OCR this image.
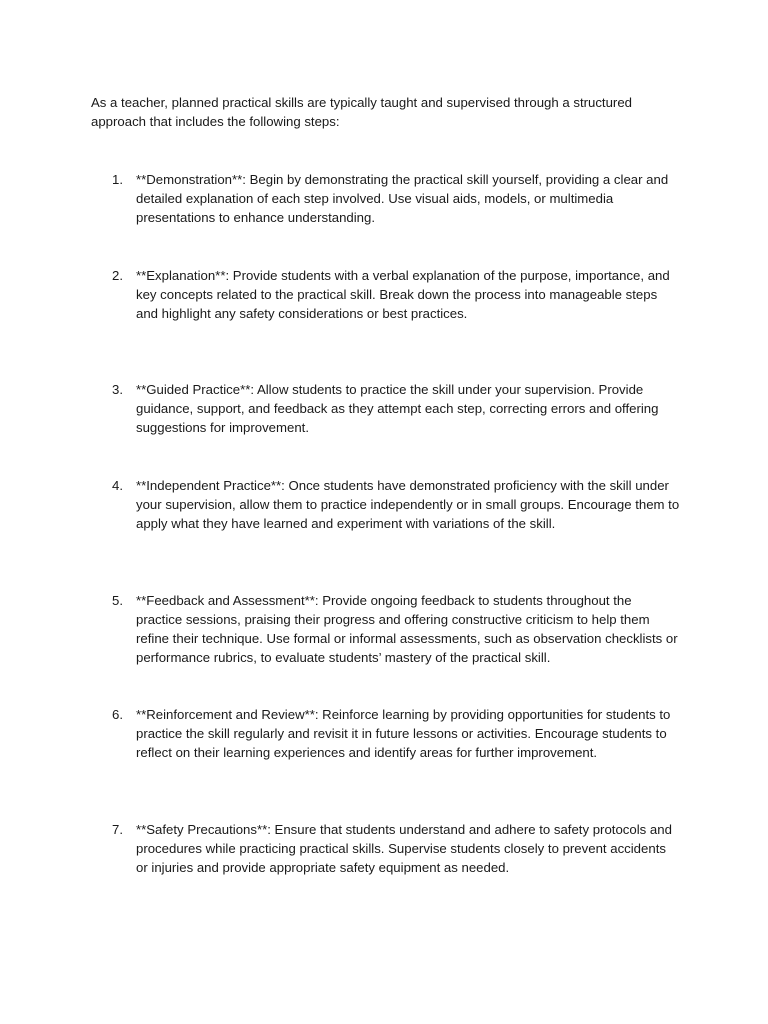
As a teacher, planned practical skills are typically taught and supervised through a structured approach that includes the following steps:

1. **Demonstration**: Begin by demonstrating the practical skill yourself, providing a clear and detailed explanation of each step involved. Use visual aids, models, or multimedia presentations to enhance understanding.

2. **Explanation**: Provide students with a verbal explanation of the purpose, importance, and key concepts related to the practical skill. Break down the process into manageable steps and highlight any safety considerations or best practices.

3. **Guided Practice**: Allow students to practice the skill under your supervision. Provide guidance, support, and feedback as they attempt each step, correcting errors and offering suggestions for improvement.

4. **Independent Practice**: Once students have demonstrated proficiency with the skill under your supervision, allow them to practice independently or in small groups. Encourage them to apply what they have learned and experiment with variations of the skill.

5. **Feedback and Assessment**: Provide ongoing feedback to students throughout the practice sessions, praising their progress and offering constructive criticism to help them refine their technique. Use formal or informal assessments, such as observation checklists or performance rubrics, to evaluate students’ mastery of the practical skill.

6. **Reinforcement and Review**: Reinforce learning by providing opportunities for students to practice the skill regularly and revisit it in future lessons or activities. Encourage students to reflect on their learning experiences and identify areas for further improvement.

7. **Safety Precautions**: Ensure that students understand and adhere to safety protocols and procedures while practicing practical skills. Supervise students closely to prevent accidents or injuries and provide appropriate safety equipment as needed.
